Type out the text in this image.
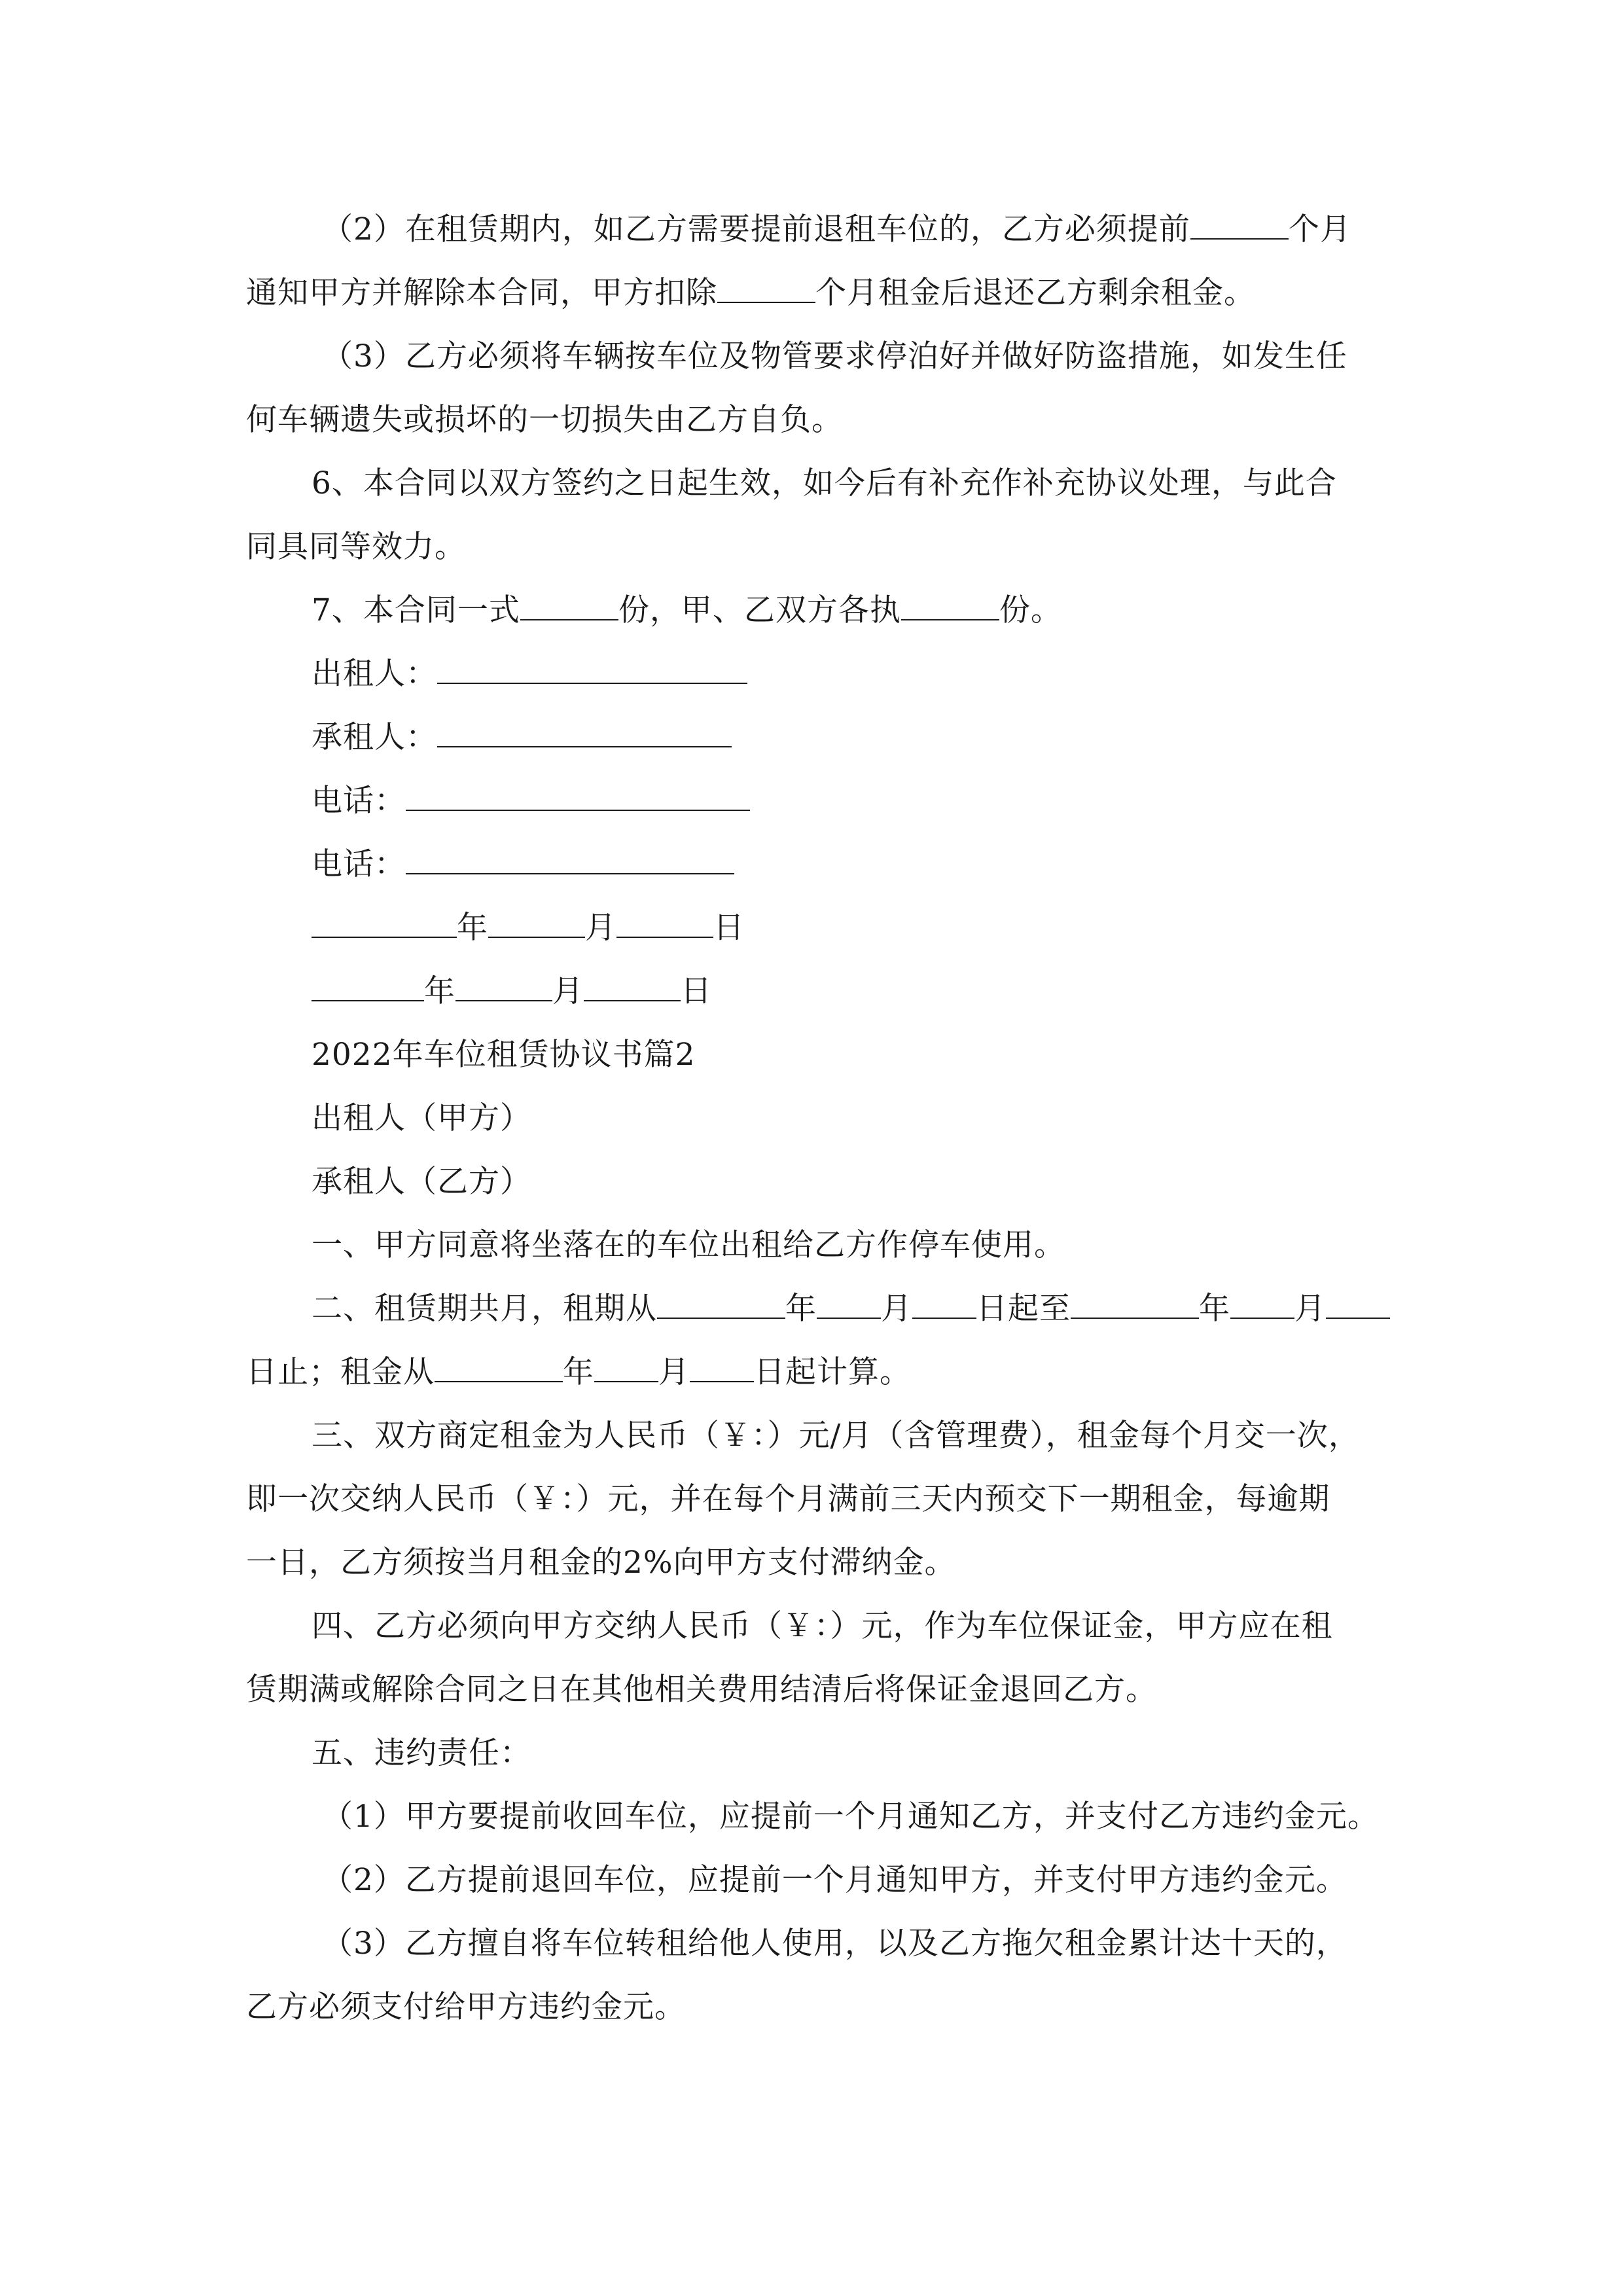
（2）在租赁期内，如乙方需要提前退租车位的，乙方必须提前	个月
通知甲方并解除本合同，甲方扣除	个月租金后退还乙方剩余租金。
（3）乙方必须将车辆按车位及物管要求停泊好并做好防盗措施，如发生任
何车辆遗失或损坏的一切损失由乙方自负。
6、本合同以双方签约之日起生效，如今后有补充作补充协议处理，与此合
同具同等效力。
7、本合同一式	份，甲、乙双方各执	份。
出租人：
承租人：
电话：
电话：
年	月	日
年	月	日
2022年车位租赁协议书篇2
出租人（甲方）
承租人（乙方）
一、甲方同意将坐落在的车位出租给乙方作停车使用。
二、租赁期共月，租期从	年 月 日起至	年 月
日止；租金从	年 月 日起计算。
三、双方商定租金为人民币（￥：）元/月（含管理费），租金每个月交一次，
即一次交纳人民币（￥：）元，并在每个月满前三天内预交下一期租金，每逾期
一日，乙方须按当月租金的2%向甲方支付滞纳金。
四、乙方必须向甲方交纳人民币（￥：）元，作为车位保证金，甲方应在租
赁期满或解除合同之日在其他相关费用结清后将保证金退回乙方。
五、违约责任：
（1）甲方要提前收回车位，应提前一个月通知乙方，并支付乙方违约金元。
（2）乙方提前退回车位，应提前一个月通知甲方，并支付甲方违约金元。
（3）乙方擅自将车位转租给他人使用，以及乙方拖欠租金累计达十天的，
乙方必须支付给甲方违约金元。
